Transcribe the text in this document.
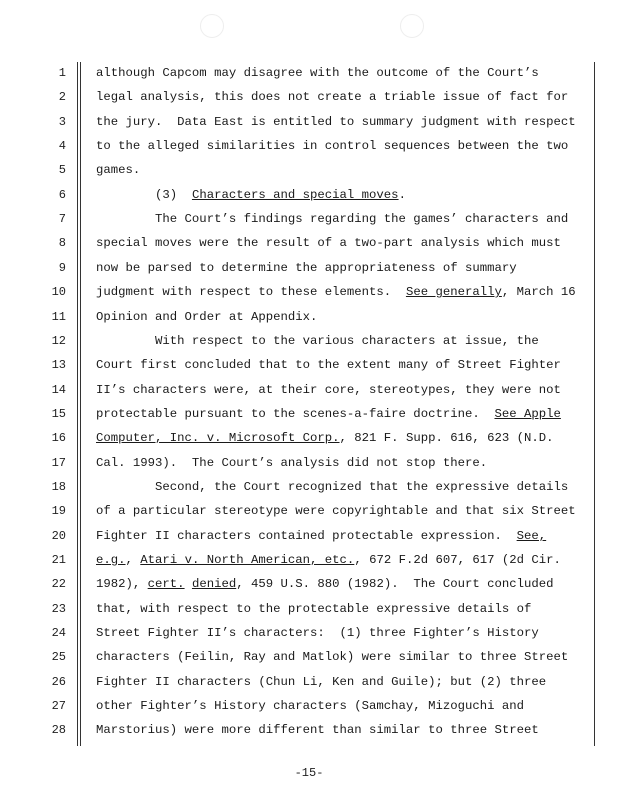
1 although Capcom may disagree with the outcome of the Court’s
2 legal analysis, this does not create a triable issue of fact for
3 the jury.  Data East is entitled to summary judgment with respect
4 to the alleged similarities in control sequences between the two
5 games.
6 (3)  Characters and special moves.
7 The Court’s findings regarding the games’ characters and
8 special moves were the result of a two-part analysis which must
9 now be parsed to determine the appropriateness of summary
10 judgment with respect to these elements.  See generally, March 16
11 Opinion and Order at Appendix.
12 With respect to the various characters at issue, the
13 Court first concluded that to the extent many of Street Fighter
14 II’s characters were, at their core, stereotypes, they were not
15 protectable pursuant to the scenes-a-faire doctrine.  See Apple
16 Computer, Inc. v. Microsoft Corp., 821 F. Supp. 616, 623 (N.D.
17 Cal. 1993).  The Court’s analysis did not stop there.
18 Second, the Court recognized that the expressive details
19 of a particular stereotype were copyrightable and that six Street
20 Fighter II characters contained protectable expression.  See,
21 e.g., Atari v. North American, etc., 672 F.2d 607, 617 (2d Cir.
22 1982), cert. denied, 459 U.S. 880 (1982).  The Court concluded
23 that, with respect to the protectable expressive details of
24 Street Fighter II’s characters:  (1) three Fighter’s History
25 characters (Feilin, Ray and Matlok) were similar to three Street
26 Fighter II characters (Chun Li, Ken and Guile); but (2) three
27 other Fighter’s History characters (Samchay, Mizoguchi and
28 Marstorius) were more different than similar to three Street
-15-
